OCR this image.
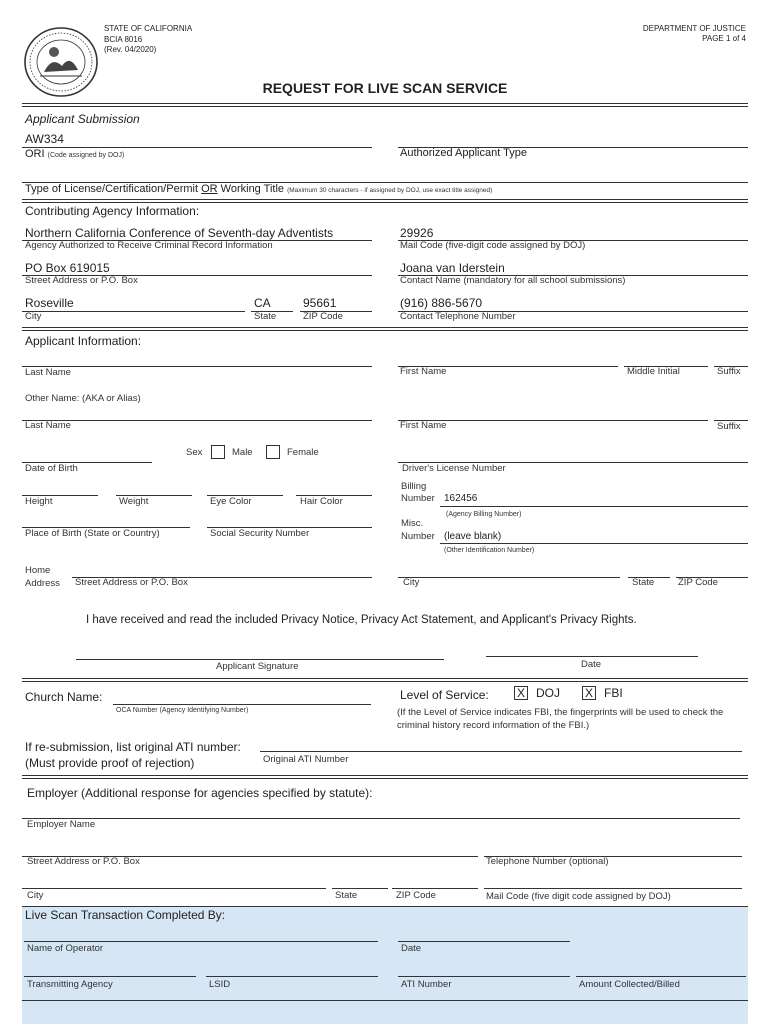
STATE OF CALIFORNIA
BCIA 8016
(Rev. 04/2020)
DEPARTMENT OF JUSTICE
PAGE 1 of 4
REQUEST FOR LIVE SCAN SERVICE
Applicant Submission
AW334
ORI (Code assigned by DOJ)	Authorized Applicant Type
Type of License/Certification/Permit OR Working Title (Maximum 30 characters - if assigned by DOJ, use exact title assigned)
Contributing Agency Information:
Northern California Conference of Seventh-day Adventists
Agency Authorized to Receive Criminal Record Information
29926
Mail Code (five-digit code assigned by DOJ)
PO Box 619015
Street Address or P.O. Box
Joana van Iderstein
Contact Name (mandatory for all school submissions)
Roseville
City
CA
State
95661
ZIP Code
(916) 886-5670
Contact Telephone Number
Applicant Information:
Last Name	First Name	Middle Initial	Suffix
Other Name: (AKA or Alias)
Last Name	First Name	Suffix
Sex	Male	Female
Date of Birth	Driver's License Number
Height	Weight	Eye Color	Hair Color
Billing
Number 162456
(Agency Billing Number)
Place of Birth (State or Country)	Social Security Number
Misc.
Number (leave blank)
(Other Identification Number)
Home
Address Street Address or P.O. Box	City	State	ZIP Code
I have received and read the included Privacy Notice, Privacy Act Statement, and Applicant's Privacy Rights.
Applicant Signature	Date
Church Name:
OCA Number (Agency Identifying Number)
Level of Service: X DOJ X FBI
(If the Level of Service indicates FBI, the fingerprints will be used to check the
criminal history record information of the FBI.)
If re-submission, list original ATI number:
(Must provide proof of rejection)	Original ATI Number
Employer (Additional response for agencies specified by statute):
Employer Name
Street Address or P.O. Box	Telephone Number (optional)
City	State	ZIP Code	Mail Code (five digit code assigned by DOJ)
Live Scan Transaction Completed By:
Name of Operator	Date
Transmitting Agency	LSID	ATI Number	Amount Collected/Billed
